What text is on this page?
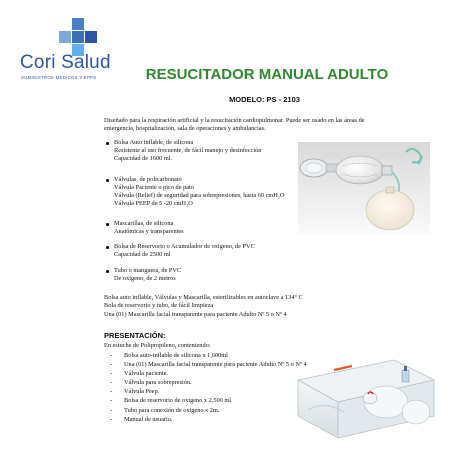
Cori Salud
SUMINISTROS MÉDICOS Y EPPS	RESUCITADOR MANUAL ADULTO
MODELO: PS - 2103
Diseñado para la respiración artificial y la resucitación cardiopulmonar. Puede ser usado en las áreas de
emergencia, hospitalización, sala de operaciones y ambulancias.
Bolsa Auto inflable, de silicona
Resistente al uso frecuente, de fácil manejo y desinfección
Capacidad de 1600 ml.
Válvulas, de policarbonato
Válvula Paciente o pico de pato
Válvula (Relief) de seguridad para sobrepresiones, hasta 60 cmH₂O
Válvula PEEP de 5 -20 cmH₂O
Mascarillas, de silicona
Anatómicas y transparentes
Bolsa de Reservorio o Acumulador de oxigeno, de PVC
Capacidad de 2500 ml
Tubo o manguera, de PVC
De oxigeno, de 2 metros
Bolsa auto inflable, Válvulas y Mascarilla, esterilizables en autoclave a 134° C
Bola de reservorio y tubo, de fácil limpieza
Una (01) Mascarilla facial transparente para paciente Adulto Nº 5 o Nº 4
PRESENTACIÓN:
En estuche de Polipropileno, conteniendo:
- Bolsa auto-inflable de silicona x 1,600ml
- Una (01) Mascarilla facial transparente para paciente Adulto Nº 5 o Nº 4
- Válvula paciente.
- Válvula para sobrepresión.
- Válvula Peep.
- Bolsa de reservorio de oxigeno x 2,500 ml
- Tubo para conexión de oxigeno x 2m.
- Manual de usuario.
